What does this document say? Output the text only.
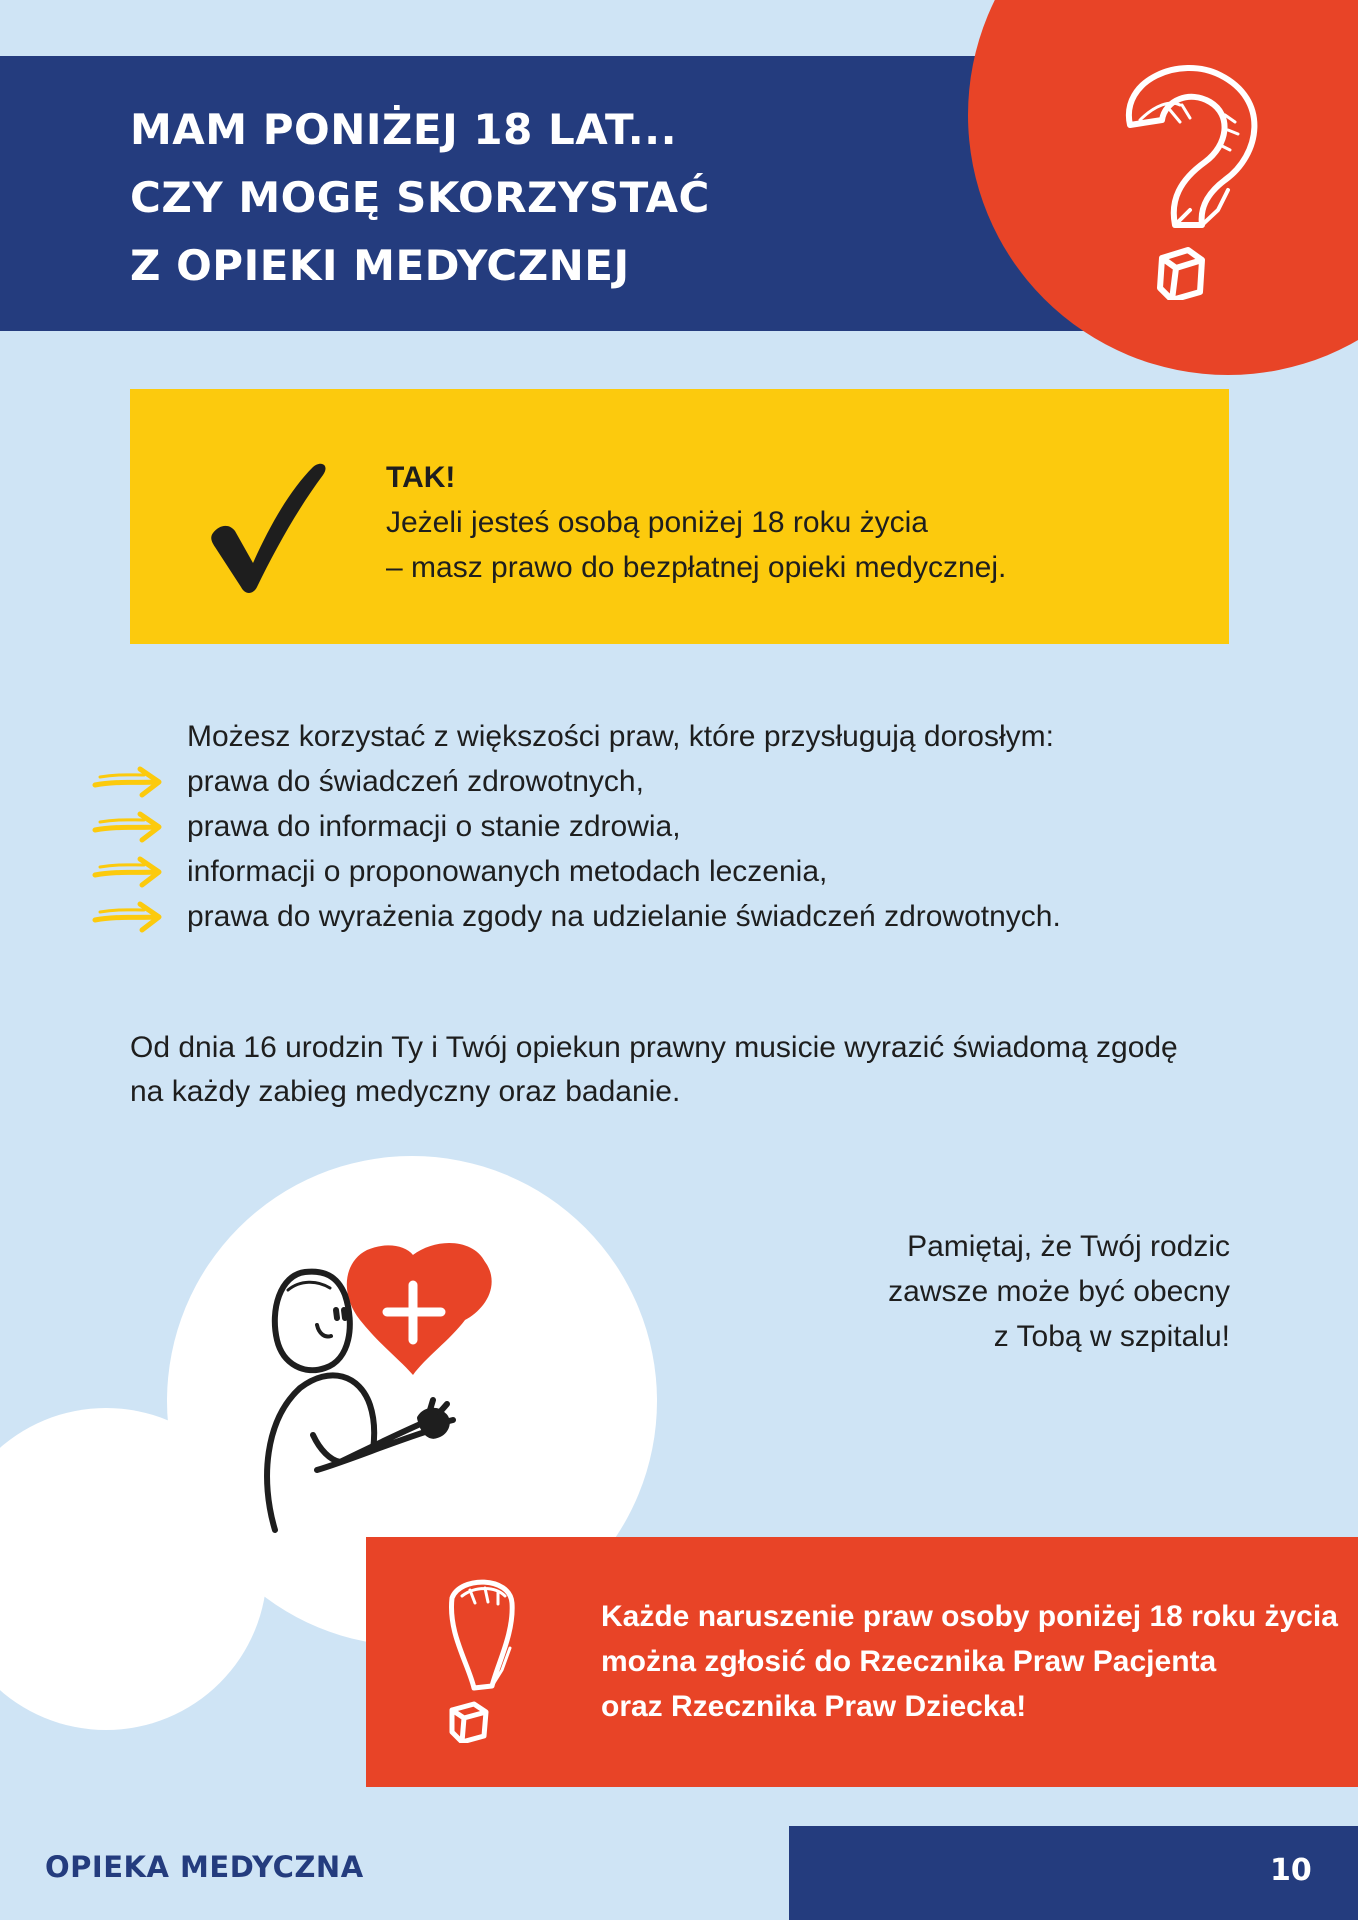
MAM PONIŻEJ 18 LAT...
CZY MOGĘ SKORZYSTAĆ
Z OPIEKI MEDYCZNEJ
TAK!
Jeżeli jesteś osobą poniżej 18 roku życia
– masz prawo do bezpłatnej opieki medycznej.
Możesz korzystać z większości praw, które przysługują dorosłym:
prawa do świadczeń zdrowotnych,
prawa do informacji o stanie zdrowia,
informacji o proponowanych metodach leczenia,
prawa do wyrażenia zgody na udzielanie świadczeń zdrowotnych.
Od dnia 16 urodzin Ty i Twój opiekun prawny musicie wyrazić świadomą zgodę
na każdy zabieg medyczny oraz badanie.
Pamiętaj, że Twój rodzic
zawsze może być obecny
z Tobą w szpitalu!
Każde naruszenie praw osoby poniżej 18 roku życia
można zgłosić do Rzecznika Praw Pacjenta
oraz Rzecznika Praw Dziecka!
OPIEKA MEDYCZNA	10
